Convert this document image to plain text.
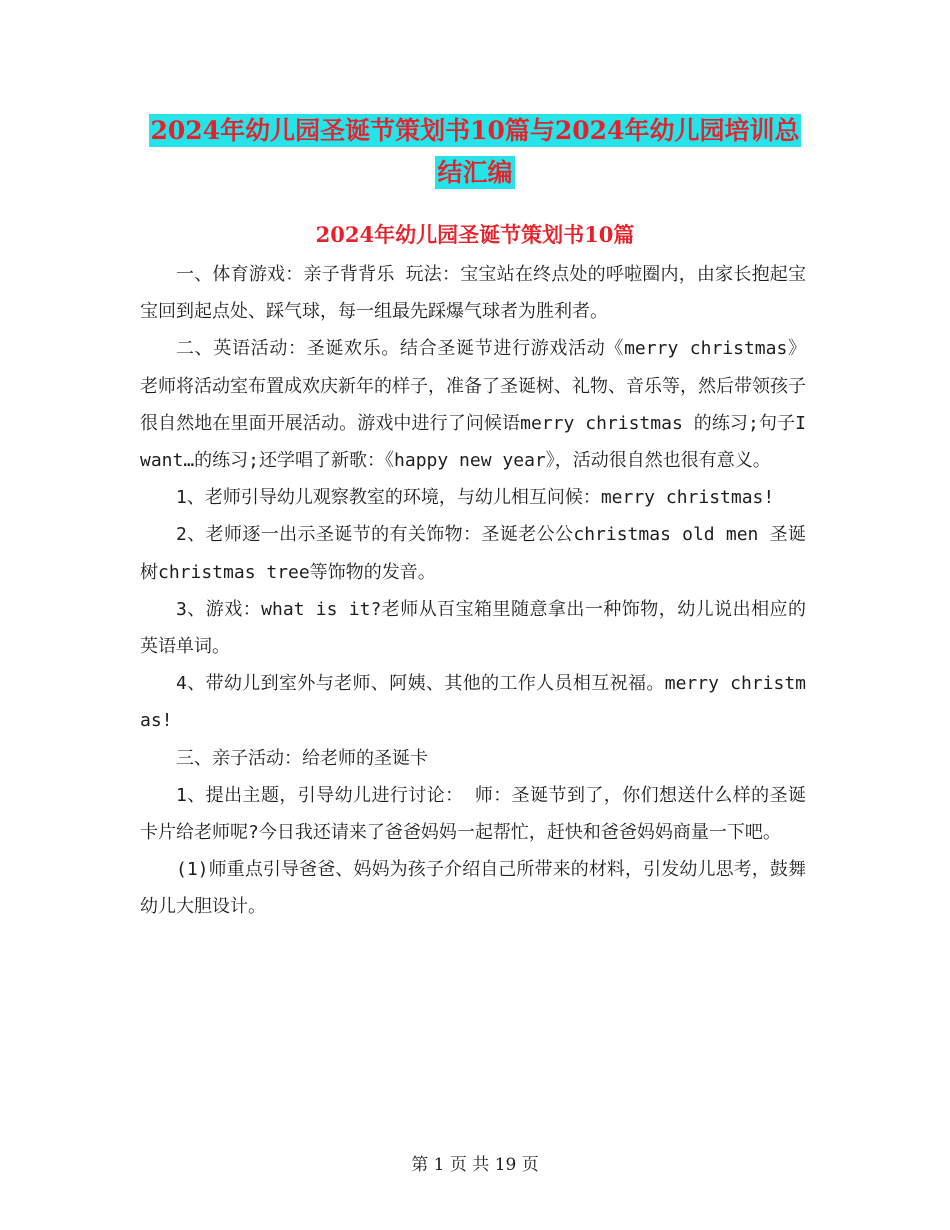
2024年幼儿园圣诞节策划书10篇与2024年幼儿园培训总结汇编
2024年幼儿园圣诞节策划书10篇

一、体育游戏：亲子背背乐 玩法：宝宝站在终点处的呼啦圈内，由家长抱起宝宝回到起点处、踩气球，每一组最先踩爆气球者为胜利者。

二、英语活动：圣诞欢乐。结合圣诞节进行游戏活动《merry christmas》老师将活动室布置成欢庆新年的样子，准备了圣诞树、礼物、音乐等，然后带领孩子很自然地在里面开展活动。游戏中进行了问候语merry christmas 的练习;句子I want…的练习;还学唱了新歌：《happy new year》，活动很自然也很有意义。

1、老师引导幼儿观察教室的环境，与幼儿相互问候：merry christmas!

2、老师逐一出示圣诞节的有关饰物：圣诞老公公christmas old men 圣诞树christmas tree等饰物的发音。

3、游戏：what is it?老师从百宝箱里随意拿出一种饰物，幼儿说出相应的英语单词。

4、带幼儿到室外与老师、阿姨、其他的工作人员相互祝福。merry christmas!

三、亲子活动：给老师的圣诞卡

1、提出主题，引导幼儿进行讨论： 师：圣诞节到了，你们想送什么样的圣诞卡片给老师呢?今日我还请来了爸爸妈妈一起帮忙，赶快和爸爸妈妈商量一下吧。

(1)师重点引导爸爸、妈妈为孩子介绍自己所带来的材料，引发幼儿思考，鼓舞幼儿大胆设计。

第 1 页 共 19 页
